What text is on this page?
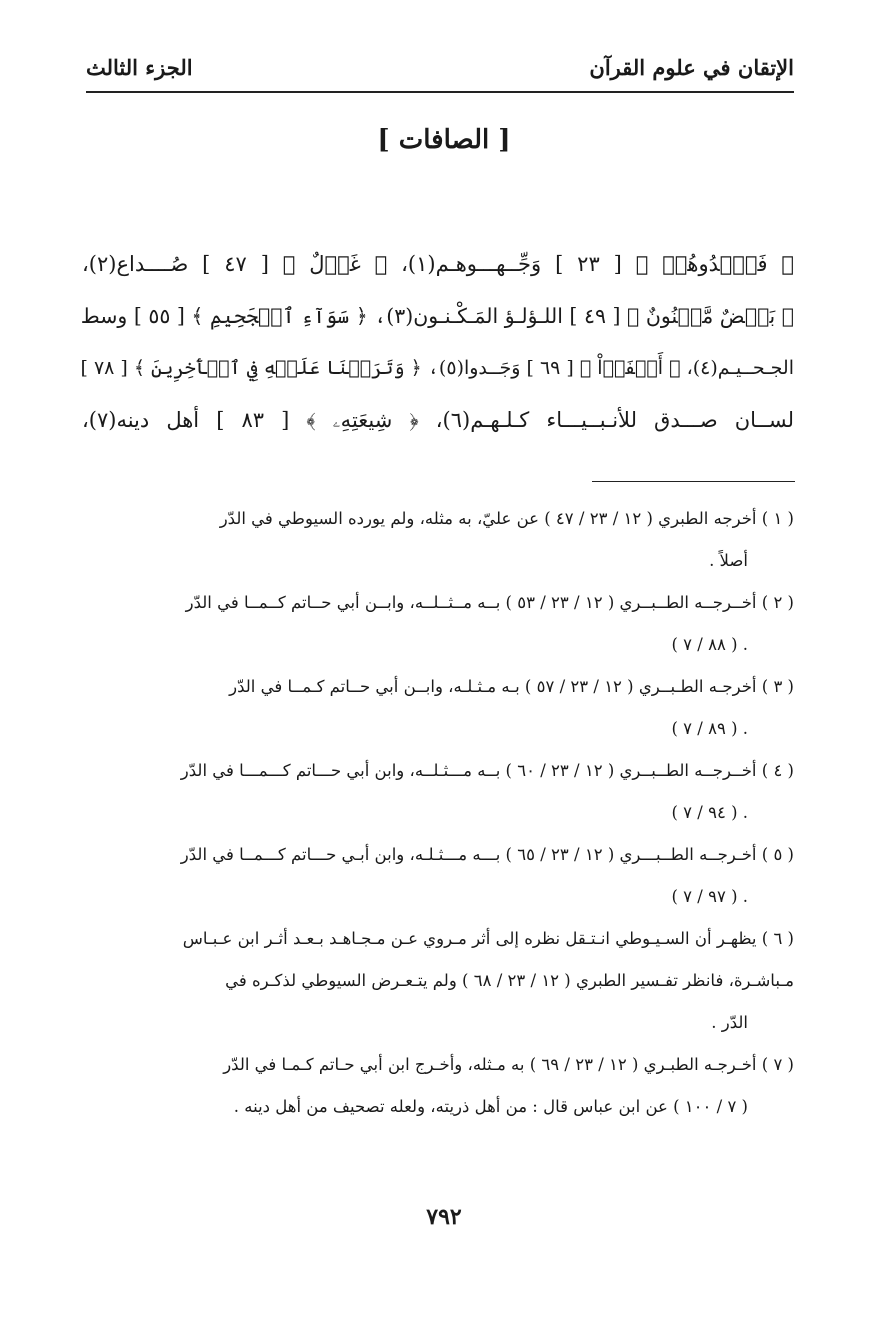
الإتقان في علوم القرآن
الجزء الثالث
[ الصافات ]
﴿ فَٱهۡدُوهُمۡ ﴾ [ ٢٣ ] وَجِّــهـــوهـم(١)، ﴿ غَوۡلٌ ﴾ [ ٤٧ ] صُــــداع(٢)،
﴿ بَيۡضٌ مَّكۡنُونٌ ﴾ [ ٤٩ ] اللـؤلـؤ المَـكْـنـون(٣)، ﴿ سَوَآءِ ٱلۡجَحِيمِ ﴾ [ ٥٥ ] وسط
الجـحــيـم(٤)، ﴿ أَلۡفَوۡاْ ﴾ [ ٦٩ ] وَجَــدوا(٥)، ﴿ وَتَرَكۡنَا عَلَيۡهِ فِي ٱلۡأٓخِرِينَ ﴾ [ ٧٨ ]
لســان صـــدق للأنـبــيـــاء كـلـهـم(٦)، ﴿ شِيعَتِهِۦ ﴾ [ ٨٣ ] أهل دينه(٧)،
( ١ ) أخرجه الطبري ( ١٢ / ٢٣ / ٤٧ ) عن عليّ، به مثله، ولم يورده السيوطي في الدّر
أصلاً .
( ٢ ) أخــرجــه الطــبــري ( ١٢ / ٢٣ / ٥٣ ) بــه مــثــلــه، وابــن أبي حــاتم كــمــا في الدّر
. ( ٨٨ / ٧ )
( ٣ ) أخرجـه الطـبــري ( ١٢ / ٢٣ / ٥٧ ) بـه مـثـلـه، وابــن أبي حــاتم كـمــا في الدّر
. ( ٨٩ / ٧ )
( ٤ ) أخــرجــه الطــبــري ( ١٢ / ٢٣ / ٦٠ ) بــه مـــثـلــه، وابن أبي حـــاتم كـــمـــا في الدّر
. ( ٩٤ / ٧ )
( ٥ ) أخـرجــه الطــبـــري ( ١٢ / ٢٣ / ٦٥ ) بـــه مـــثـلـه، وابن أبـي حـــاتم كـــمــا في الدّر
. ( ٩٧ / ٧ )
( ٦ ) يظهـر أن السـيـوطي انـتـقل نظره إلى أثر مـروي عـن مـجـاهـد بـعـد أثـر ابن عـبـاس
مـباشـرة، فانظر تفـسير الطبري ( ١٢ / ٢٣ / ٦٨ ) ولم يتـعـرض السيوطي لذكـره في
الدّر .
( ٧ ) أخـرجـه الطبـري ( ١٢ / ٢٣ / ٦٩ ) به مـثله، وأخـرج ابن أبي حـاتم كـمـا في الدّر
( ٧ / ١٠٠ ) عن ابن عباس قال : من أهل ذريته، ولعله تصحيف من أهل دينه .
٧٩٢
